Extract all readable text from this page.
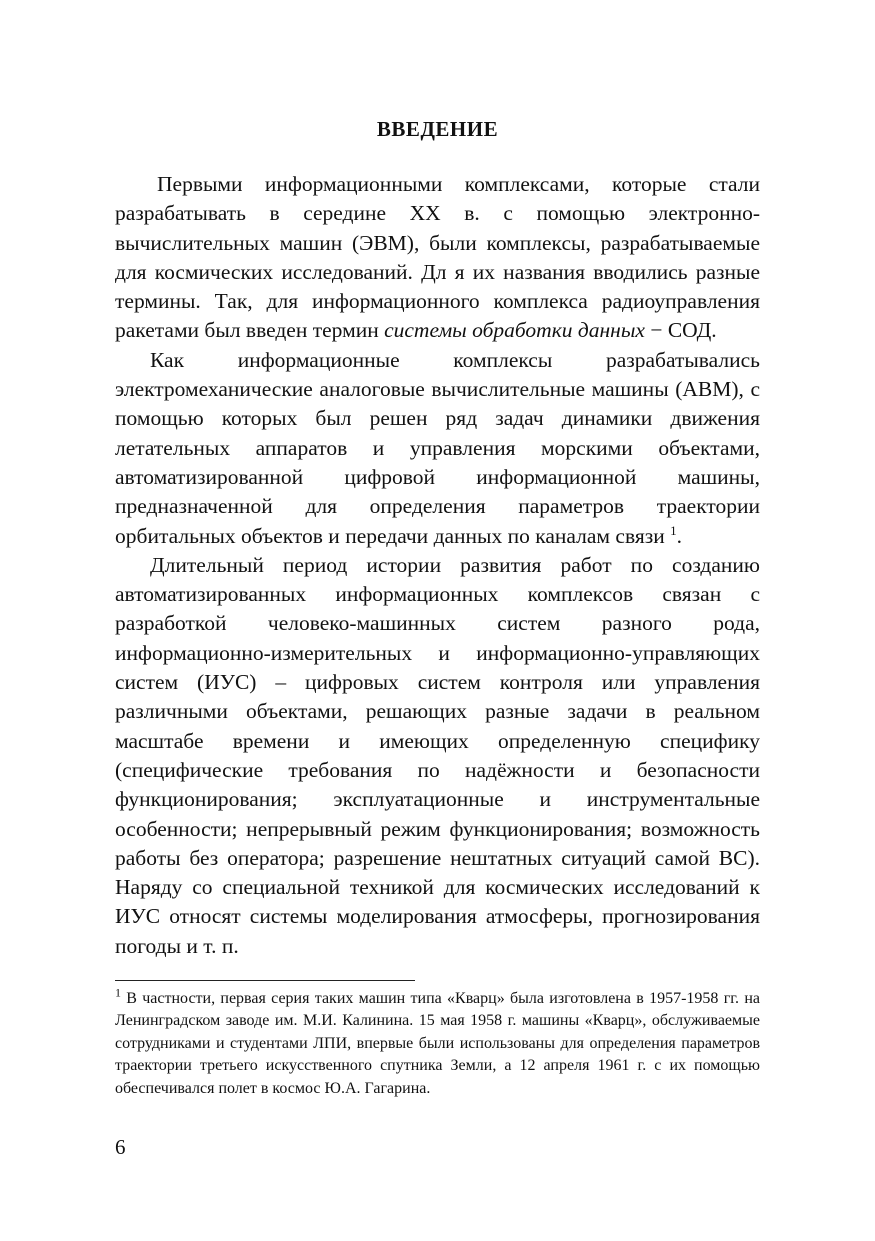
ВВЕДЕНИЕ

Первыми информационными комплексами, которые стали разрабатывать в середине XX в. с помощью электронно-вычислительных машин (ЭВМ), были комплексы, разрабатываемые для космических исследований. Дл я их названия вводились разные термины. Так, для информационного комплекса радиоуправления ракетами был введен термин системы обработки данных − СОД.

Как информационные комплексы разрабатывались электромеханические аналоговые вычислительные машины (АВМ), с помощью которых был решен ряд задач динамики движения летательных аппаратов и управления морскими объектами, автоматизированной цифровой информационной машины, предназначенной для определения параметров траектории орбитальных объектов и передачи данных по каналам связи $^1$.

Длительный период истории развития работ по созданию автоматизированных информационных комплексов связан с разработкой человеко-машинных систем разного рода, информационно-измерительных и информационно-управляющих систем (ИУС) – цифровых систем контроля или управления различными объектами, решающих разные задачи в реальном масштабе времени и имеющих определенную специфику (специфические требования по надёжности и безопасности функционирования; эксплуатационные и инструментальные особенности; непрерывный режим функционирования; возможность работы без оператора; разрешение нештатных ситуаций самой ВС). Наряду со специальной техникой для космических исследований к ИУС относят системы моделирования атмосферы, прогнозирования погоды и т. п.

$^1$ В частности, первая серия таких машин типа «Кварц» была изготовлена в 1957-1958 гг. на Ленинградском заводе им. М.И. Калинина. 15 мая 1958 г. машины «Кварц», обслуживаемые сотрудниками и студентами ЛПИ, впервые были использованы для определения параметров траектории третьего искусственного спутника Земли, а 12 апреля 1961 г. с их помощью обеспечивался полет в космос Ю.А. Гагарина.

6
